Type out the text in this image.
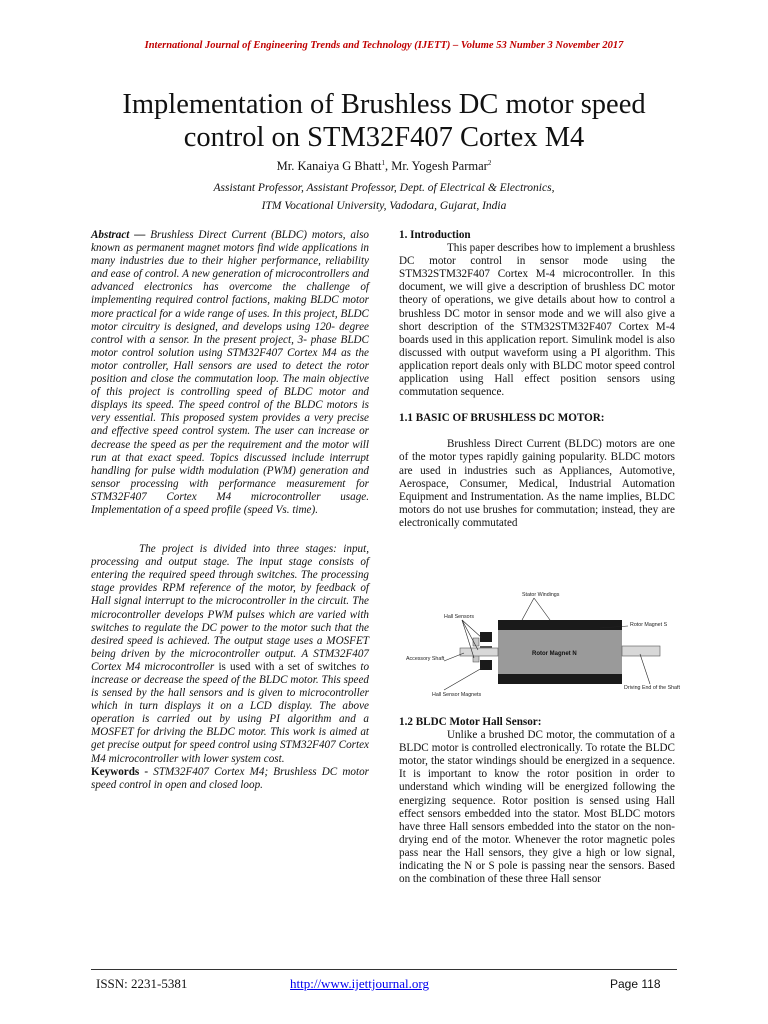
International Journal of Engineering Trends and Technology (IJETT) – Volume 53 Number 3 November 2017
Implementation of Brushless DC motor speed
control on STM32F407 Cortex M4
Mr. Kanaiya G Bhatt$^1$, Mr. Yogesh Parmar$^2$
Assistant Professor, Assistant Professor, Dept. of Electrical & Electronics,
ITM Vocational University, Vadodara, Gujarat, India

Abstract — Brushless Direct Current (BLDC) motors, also known as permanent magnet motors find wide applications in many industries due to their higher performance, reliability and ease of control. A new generation of microcontrollers and advanced electronics has overcome the challenge of implementing required control factions, making BLDC motor more practical for a wide range of uses. In this project, BLDC motor circuitry is designed, and develops using 120- degree control with a sensor. In the present project, 3- phase BLDC motor control solution using STM32F407 Cortex M4 as the motor controller, Hall sensors are used to detect the rotor position and close the commutation loop. The main objective of this project is controlling speed of BLDC motor and displays its speed. The speed control of the BLDC motors is very essential. This proposed system provides a very precise and effective speed control system. The user can increase or decrease the speed as per the requirement and the motor will run at that exact speed. Topics discussed include interrupt handling for pulse width modulation (PWM) generation and sensor processing with performance measurement for STM32F407 Cortex M4 microcontroller usage. Implementation of a speed profile (speed Vs. time).

The project is divided into three stages: input, processing and output stage. The input stage consists of entering the required speed through switches. The processing stage provides RPM reference of the motor, by feedback of Hall signal interrupt to the microcontroller in the circuit. The microcontroller develops PWM pulses which are varied with switches to regulate the DC power to the motor such that the desired speed is achieved. The output stage uses a MOSFET being driven by the microcontroller output. A STM32F407 Cortex M4 microcontroller is used with a set of switches to increase or decrease the speed of the BLDC motor. This speed is sensed by the hall sensors and is given to microcontroller which in turn displays it on a LCD display. The above operation is carried out by using PI algorithm and a MOSFET for driving the BLDC motor. This work is aimed at get precise output for speed control using STM32F407 Cortex M4 microcontroller with lower system cost.

Keywords - STM32F407 Cortex M4; Brushless DC motor speed control in open and closed loop.

1. Introduction

This paper describes how to implement a brushless DC motor control in sensor mode using the STM32STM32F407 Cortex M-4 microcontroller. In this document, we will give a description of brushless DC motor theory of operations, we give details about how to control a brushless DC motor in sensor mode and we will also give a short description of the STM32STM32F407 Cortex M-4 boards used in this application report. Simulink model is also discussed with output waveform using a PI algorithm. This application report deals only with BLDC motor speed control application using Hall effect position sensors using commutation sequence.

1.1 BASIC OF BRUSHLESS DC MOTOR:

Brushless Direct Current (BLDC) motors are one of the motor types rapidly gaining popularity. BLDC motors are used in industries such as Appliances, Automotive, Aerospace, Consumer, Medical, Industrial Automation Equipment and Instrumentation. As the name implies, BLDC motors do not use brushes for commutation; instead, they are electronically commutated

Stator Windings
Hall Sensors
Rotor Magnet S
Accessory Shaft
Rotor Magnet N
Driving End of the Shaft
Hall Sensor Magnets
1.2 BLDC Motor Hall Sensor:

Unlike a brushed DC motor, the commutation of a BLDC motor is controlled electronically. To rotate the BLDC motor, the stator windings should be energized in a sequence. It is important to know the rotor position in order to understand which winding will be energized following the energizing sequence. Rotor position is sensed using Hall effect sensors embedded into the stator. Most BLDC motors have three Hall sensors embedded into the stator on the non-drying end of the motor. Whenever the rotor magnetic poles pass near the Hall sensors, they give a high or low signal, indicating the N or S pole is passing near the sensors. Based on the combination of these three Hall sensor

ISSN: 2231-5381	http://www.ijettjournal.org	Page 118
